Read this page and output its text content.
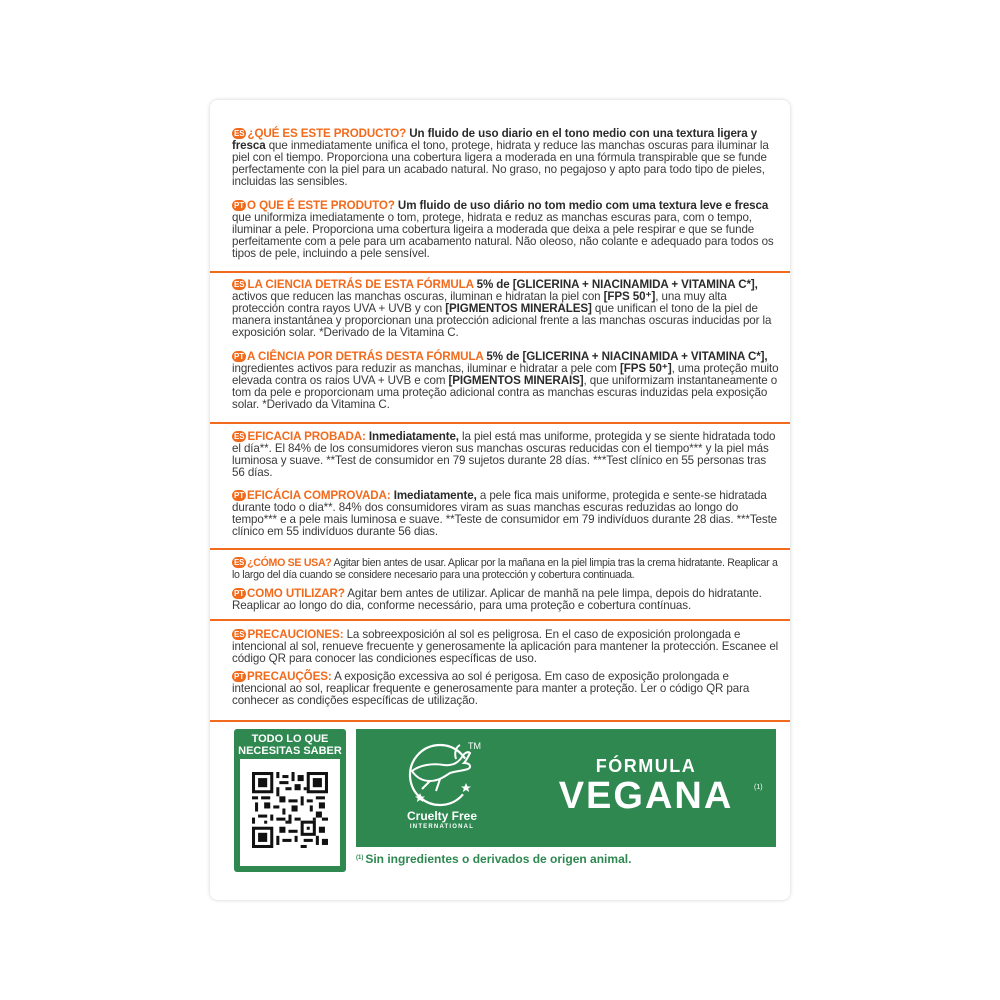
ES ¿QUÉ ES ESTE PRODUCTO? Un fluido de uso diario en el tono medio con una textura ligera y fresca que inmediatamente unifica el tono, protege, hidrata y reduce las manchas oscuras para iluminar la piel con el tiempo. Proporciona una cobertura ligera a moderada en una fórmula transpirable que se funde perfectamente con la piel para un acabado natural. No graso, no pegajoso y apto para todo tipo de pieles, incluidas las sensibles.
PT O QUE É ESTE PRODUTO? Um fluido de uso diário no tom medio com uma textura leve e fresca que uniformiza imediatamente o tom, protege, hidrata e reduz as manchas escuras para, com o tempo, iluminar a pele. Proporciona uma cobertura ligeira a moderada que deixa a pele respirar e que se funde perfeitamente com a pele para um acabamento natural. Não oleoso, não colante e adequado para todos os tipos de pele, incluindo a pele sensível.
ES LA CIENCIA DETRÁS DE ESTA FÓRMULA 5% de [GLICERINA + NIACINAMIDA + VITAMINA C*], activos que reducen las manchas oscuras, iluminan e hidratan la piel con [FPS 50⁺], una muy alta protección contra rayos UVA + UVB y con [PIGMENTOS MINERALES] que unifican el tono de la piel de manera instantánea y proporcionan una protección adicional frente a las manchas oscuras inducidas por la exposición solar. *Derivado de la Vitamina C.
PT A CIÊNCIA POR DETRÁS DESTA FÓRMULA 5% de [GLICERINA + NIACINAMIDA + VITAMINA C*], ingredientes activos para reduzir as manchas, iluminar e hidratar a pele com [FPS 50⁺], uma proteção muito elevada contra os raios UVA + UVB e com [PIGMENTOS MINERAIS], que uniformizam instantaneamente o tom da pele e proporcionam uma proteção adicional contra as manchas escuras induzidas pela exposição solar. *Derivado da Vitamina C.
ES EFICACIA PROBADA: Inmediatamente, la piel está mas uniforme, protegida y se siente hidratada todo el día**. El 84% de los consumidores vieron sus manchas oscuras reducidas con el tiempo*** y la piel más luminosa y suave. **Test de consumidor en 79 sujetos durante 28 días. ***Test clínico en 55 personas tras 56 días.
PT EFICÁCIA COMPROVADA: Imediatamente, a pele fica mais uniforme, protegida e sente-se hidratada durante todo o dia**. 84% dos consumidores viram as suas manchas escuras reduzidas ao longo do tempo*** e a pele mais luminosa e suave. **Teste de consumidor em 79 indivíduos durante 28 dias. ***Teste clínico em 55 indivíduos durante 56 dias.
ES ¿CÓMO SE USA? Agitar bien antes de usar. Aplicar por la mañana en la piel limpia tras la crema hidratante. Reaplicar a lo largo del día cuando se considere necesario para una protección y cobertura continuada.
PT COMO UTILIZAR? Agitar bem antes de utilizar. Aplicar de manhã na pele limpa, depois do hidratante. Reaplicar ao longo do dia, conforme necessário, para uma proteção e cobertura contínuas.
ES PRECAUCIONES: La sobreexposición al sol es peligrosa. En el caso de exposición prolongada e intencional al sol, renueve frecuente y generosamente la aplicación para mantener la protección. Escanee el código QR para conocer las condiciones específicas de uso.
PT PRECAUÇÕES: A exposição excessiva ao sol é perigosa. Em caso de exposição prolongada e intencional ao sol, reaplicar frequente e generosamente para manter a proteção. Ler o código QR para conhecer as condições específicas de utilização.
TODO LO QUE NECESITAS SABER	TM
Cruelty Free
INTERNATIONAL
FÓRMULA
VEGANA	(1)
$^{(1)}$ Sin ingredientes o derivados de origen animal.
